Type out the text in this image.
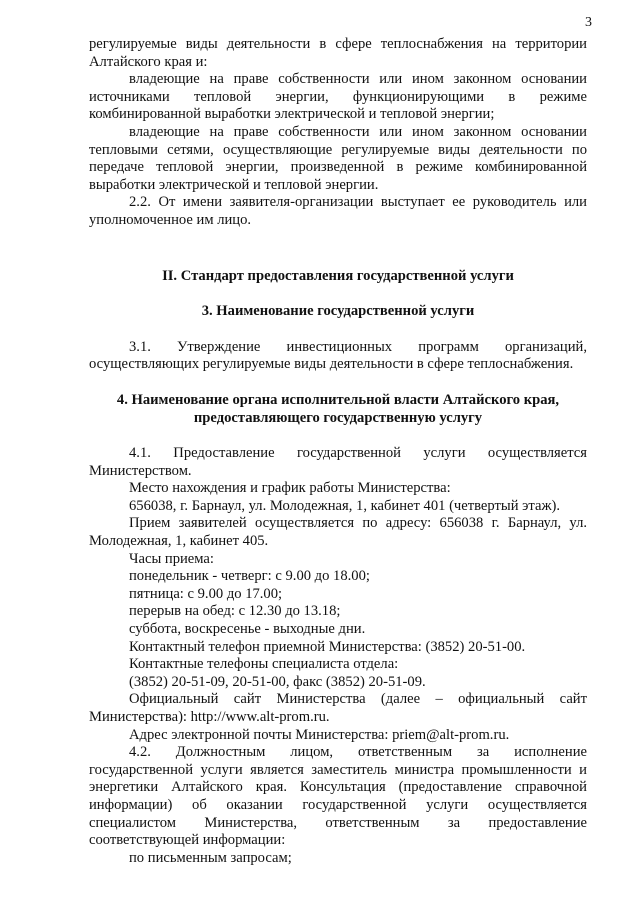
3

регулируемые виды деятельности в сфере теплоснабжения на территории Алтайского края и:

владеющие на праве собственности или ином законном основании источниками тепловой энергии, функционирующими в режиме комбинированной выработки электрической и тепловой энергии;

владеющие на праве собственности или ином законном основании тепловыми сетями, осуществляющие регулируемые виды деятельности по передаче тепловой энергии, произведенной в режиме комбинированной выработки электрической и тепловой энергии.

2.2. От имени заявителя-организации выступает ее руководитель или уполномоченное им лицо.

II. Стандарт предоставления государственной услуги
3. Наименование государственной услуги

3.1. Утверждение инвестиционных программ организаций, осуществляющих регулируемые виды деятельности в сфере теплоснабжения.

4. Наименование органа исполнительной власти Алтайского края,
предоставляющего государственную услугу

4.1. Предоставление государственной услуги осуществляется Министерством.

Место нахождения и график работы Министерства:

656038, г. Барнаул, ул. Молодежная, 1, кабинет 401 (четвертый этаж).

Прием заявителей осуществляется по адресу: 656038 г. Барнаул, ул. Молодежная, 1, кабинет 405.

Часы приема:

понедельник - четверг: с 9.00 до 18.00;

пятница: с 9.00 до 17.00;

перерыв на обед: с 12.30 до 13.18;

суббота, воскресенье - выходные дни.

Контактный телефон приемной Министерства: (3852) 20-51-00.

Контактные телефоны специалиста отдела:

(3852) 20-51-09, 20-51-00, факс (3852) 20-51-09.

Официальный сайт Министерства (далее – официальный сайт Министерства): http://www.alt-prom.ru.

Адрес электронной почты Министерства: priem@alt-prom.ru.

4.2. Должностным лицом, ответственным за исполнение государственной услуги является заместитель министра промышленности и энергетики Алтайского края. Консультация (предоставление справочной информации) об оказании государственной услуги осуществляется специалистом Министерства, ответственным за предоставление соответствующей информации:

по письменным запросам;
